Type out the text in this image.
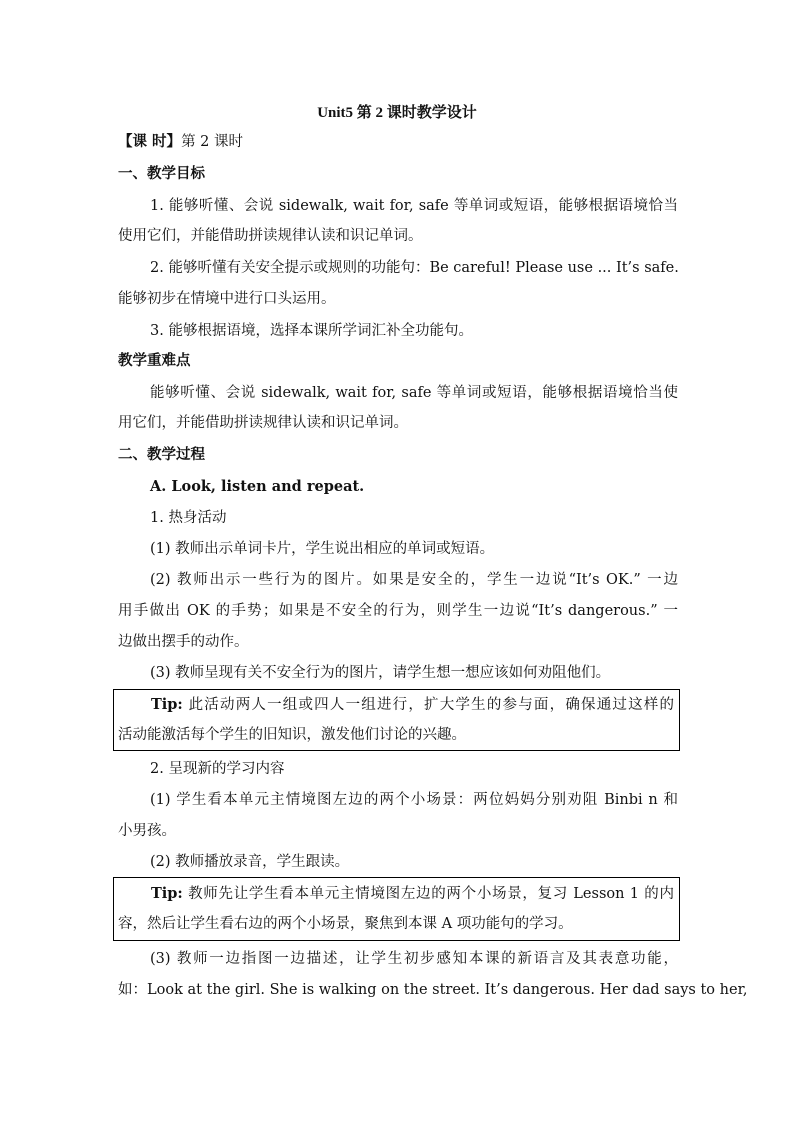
Unit5 第 2 课时教学设计
【课 时】第 2 课时
一、教学目标
1. 能够听懂、会说 sidewalk, wait for, safe 等单词或短语，能够根据语境恰当
使用它们，并能借助拼读规律认读和识记单词。
2. 能够听懂有关安全提示或规则的功能句：Be careful! Please use ... It’s safe.
能够初步在情境中进行口头运用。
3. 能够根据语境，选择本课所学词汇补全功能句。
教学重难点
能够听懂、会说 sidewalk, wait for, safe 等单词或短语，能够根据语境恰当使
用它们，并能借助拼读规律认读和识记单词。
二、教学过程
A. Look, listen and repeat.
1. 热身活动
(1) 教师出示单词卡片，学生说出相应的单词或短语。
(2) 教师出示一些行为的图片。如果是安全的，学生一边说“It’s OK.” 一边
用手做出 OK 的手势；如果是不安全的行为，则学生一边说“It’s dangerous.” 一
边做出摆手的动作。
(3) 教师呈现有关不安全行为的图片，请学生想一想应该如何劝阻他们。
Tip: 此活动两人一组或四人一组进行，扩大学生的参与面，确保通过这样的
活动能激活每个学生的旧知识，激发他们讨论的兴趣。
2. 呈现新的学习内容
(1) 学生看本单元主情境图左边的两个小场景：两位妈妈分别劝阻 Binbi n 和
小男孩。
(2) 教师播放录音，学生跟读。
Tip: 教师先让学生看本单元主情境图左边的两个小场景，复习 Lesson 1 的内
容，然后让学生看右边的两个小场景，聚焦到本课 A 项功能句的学习。
(3) 教师一边指图一边描述，让学生初步感知本课的新语言及其表意功能，
如：Look at the girl. She is walking on the street. It’s dangerous. Her dad says to her,
